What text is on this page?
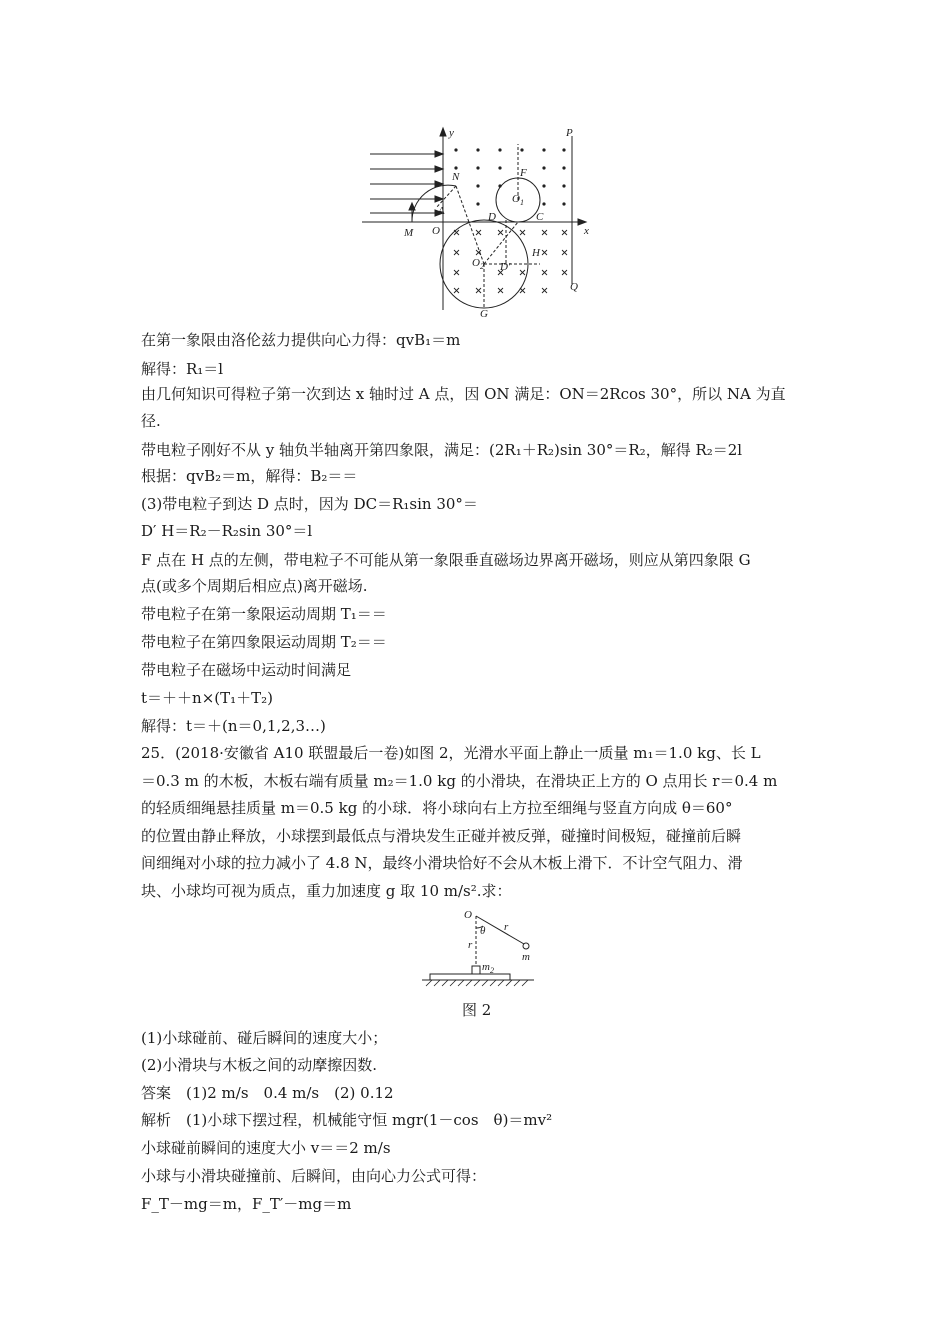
y
x
P
Q
M O
N
A	D	C
F
$O_1$
$O_2$ D′
H
G
在第一象限由洛伦兹力提供向心力得：qvB₁＝m
解得：R₁＝l
由几何知识可得粒子第一次到达 x 轴时过 A 点，因 ON 满足：ON＝2Rcos 30°，所以 NA 为直
径.
带电粒子刚好不从 y 轴负半轴离开第四象限，满足：(2R₁＋R₂)sin 30°＝R₂，解得 R₂＝2l
根据：qvB₂＝m，解得：B₂＝＝
(3)带电粒子到达 D 点时，因为 DC＝R₁sin 30°＝
D′ H＝R₂－R₂sin 30°＝l
F 点在 H 点的左侧，带电粒子不可能从第一象限垂直磁场边界离开磁场，则应从第四象限 G
点(或多个周期后相应点)离开磁场.
带电粒子在第一象限运动周期 T₁＝＝
带电粒子在第四象限运动周期 T₂＝＝
带电粒子在磁场中运动时间满足
t＝＋＋n×(T₁＋T₂)
解得：t＝＋(n＝0,1,2,3…)
25．(2018·安徽省 A10 联盟最后一卷)如图 2，光滑水平面上静止一质量 m₁＝1.0 kg、长 L
＝0.3 m 的木板，木板右端有质量 m₂＝1.0 kg 的小滑块，在滑块正上方的 O 点用长 r＝0.4 m
的轻质细绳悬挂质量 m＝0.5 kg 的小球．将小球向右上方拉至细绳与竖直方向成 θ＝60°
的位置由静止释放，小球摆到最低点与滑块发生正碰并被反弹，碰撞时间极短，碰撞前后瞬
间细绳对小球的拉力减小了 4.8 N，最终小滑块恰好不会从木板上滑下．不计空气阻力、滑
块、小球均可视为质点，重力加速度 g 取 10 m/s².求：
O
θ r
r
m
$m_2$
图 2
(1)小球碰前、碰后瞬间的速度大小；
(2)小滑块与木板之间的动摩擦因数.
答案　(1)2 m/s　0.4 m/s　(2) 0.12
解析　(1)小球下摆过程，机械能守恒 mgr(1－cos　θ)＝mv²
小球碰前瞬间的速度大小 v＝＝2 m/s
小球与小滑块碰撞前、后瞬间，由向心力公式可得：
F_T－mg＝m，F_T′－mg＝m
